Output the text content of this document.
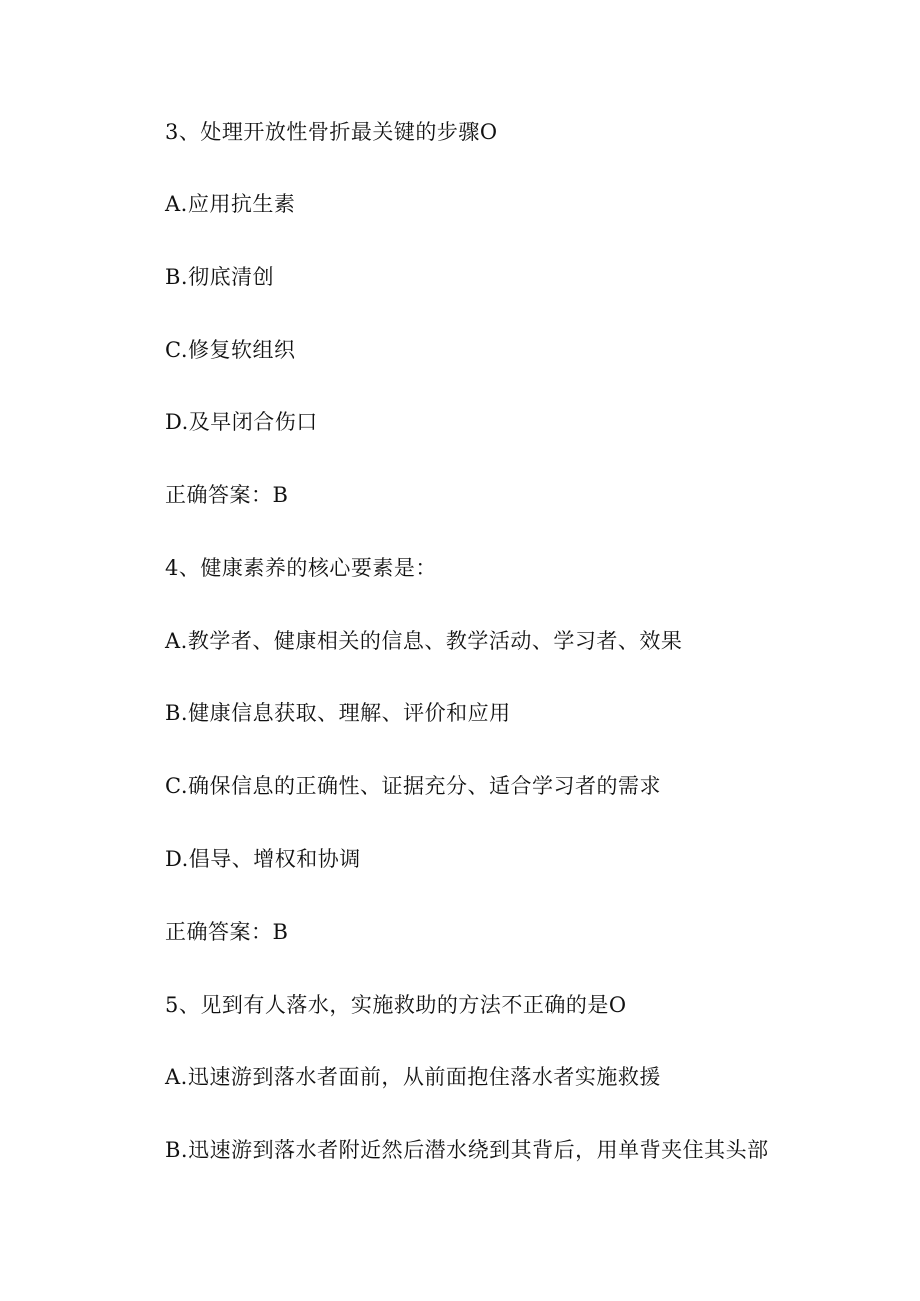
3、处理开放性骨折最关键的步骤O
A.应用抗生素
B.彻底清创
C.修复软组织
D.及早闭合伤口
正确答案：B
4、健康素养的核心要素是：
A.教学者、健康相关的信息、教学活动、学习者、效果
B.健康信息获取、理解、评价和应用
C.确保信息的正确性、证据充分、适合学习者的需求
D.倡导、增权和协调
正确答案：B
5、见到有人落水，实施救助的方法不正确的是O
A.迅速游到落水者面前，从前面抱住落水者实施救援
B.迅速游到落水者附近然后潜水绕到其背后，用单背夹住其头部
